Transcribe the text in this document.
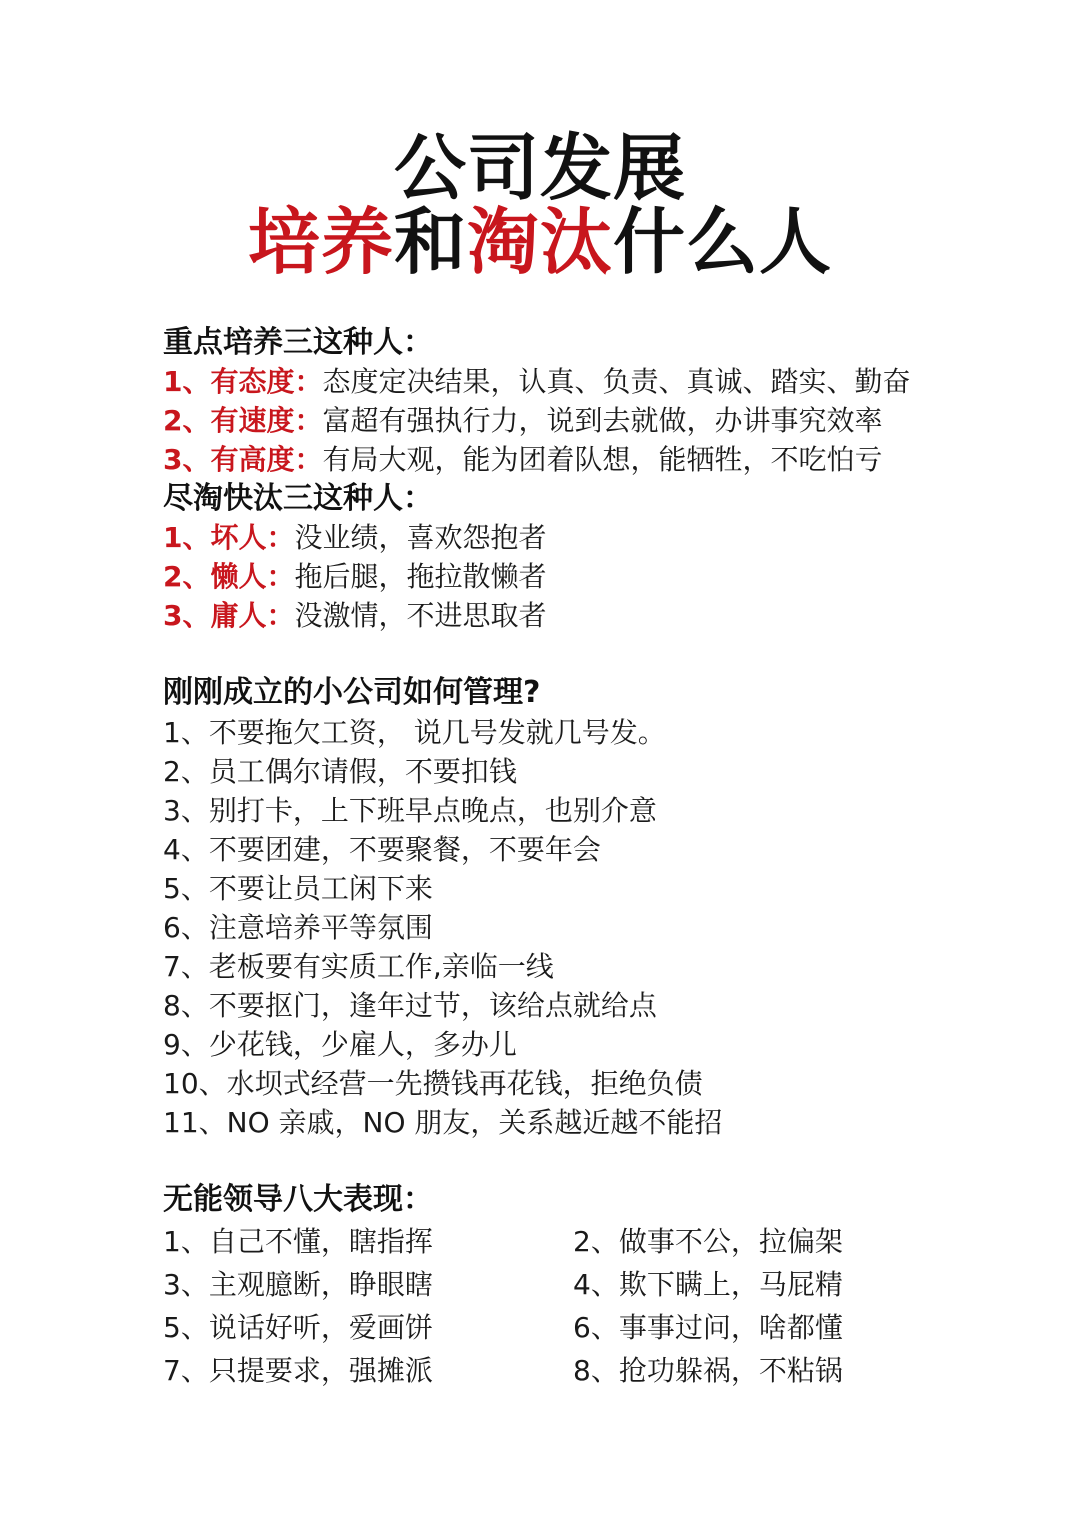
公司发展
培养和淘汰什么人
重点培养三这种人：
1、有态度：态度定决结果，认真、负责、真诚、踏实、勤奋
2、有速度：富超有强执行力，说到去就做，办讲事究效率
3、有高度：有局大观，能为团着队想，能牺牲，不吃怕亏
尽淘快汰三这种人：
1、坏人：没业绩，喜欢怨抱者
2、懒人：拖后腿，拖拉散懒者
3、庸人：没激情，不进思取者
刚刚成立的小公司如何管理?
1、不要拖欠工资， 说几号发就几号发。
2、员工偶尔请假，不要扣钱
3、别打卡，上下班早点晚点，也别介意
4、不要团建，不要聚餐，不要年会
5、不要让员工闲下来
6、注意培养平等氛围
7、老板要有实质工作,亲临一线
8、不要抠门，逢年过节，该给点就给点
9、少花钱，少雇人，多办儿
10、水坝式经营一先攒钱再花钱，拒绝负债
11、NO 亲戚，NO 朋友，关系越近越不能招
无能领导八大表现：
1、自己不懂，瞎指挥	2、做事不公，拉偏架
3、主观臆断，睁眼瞎	4、欺下瞒上，马屁精
5、说话好听，爱画饼	6、事事过问，啥都懂
7、只提要求，强摊派	8、抢功躲祸，不粘锅
